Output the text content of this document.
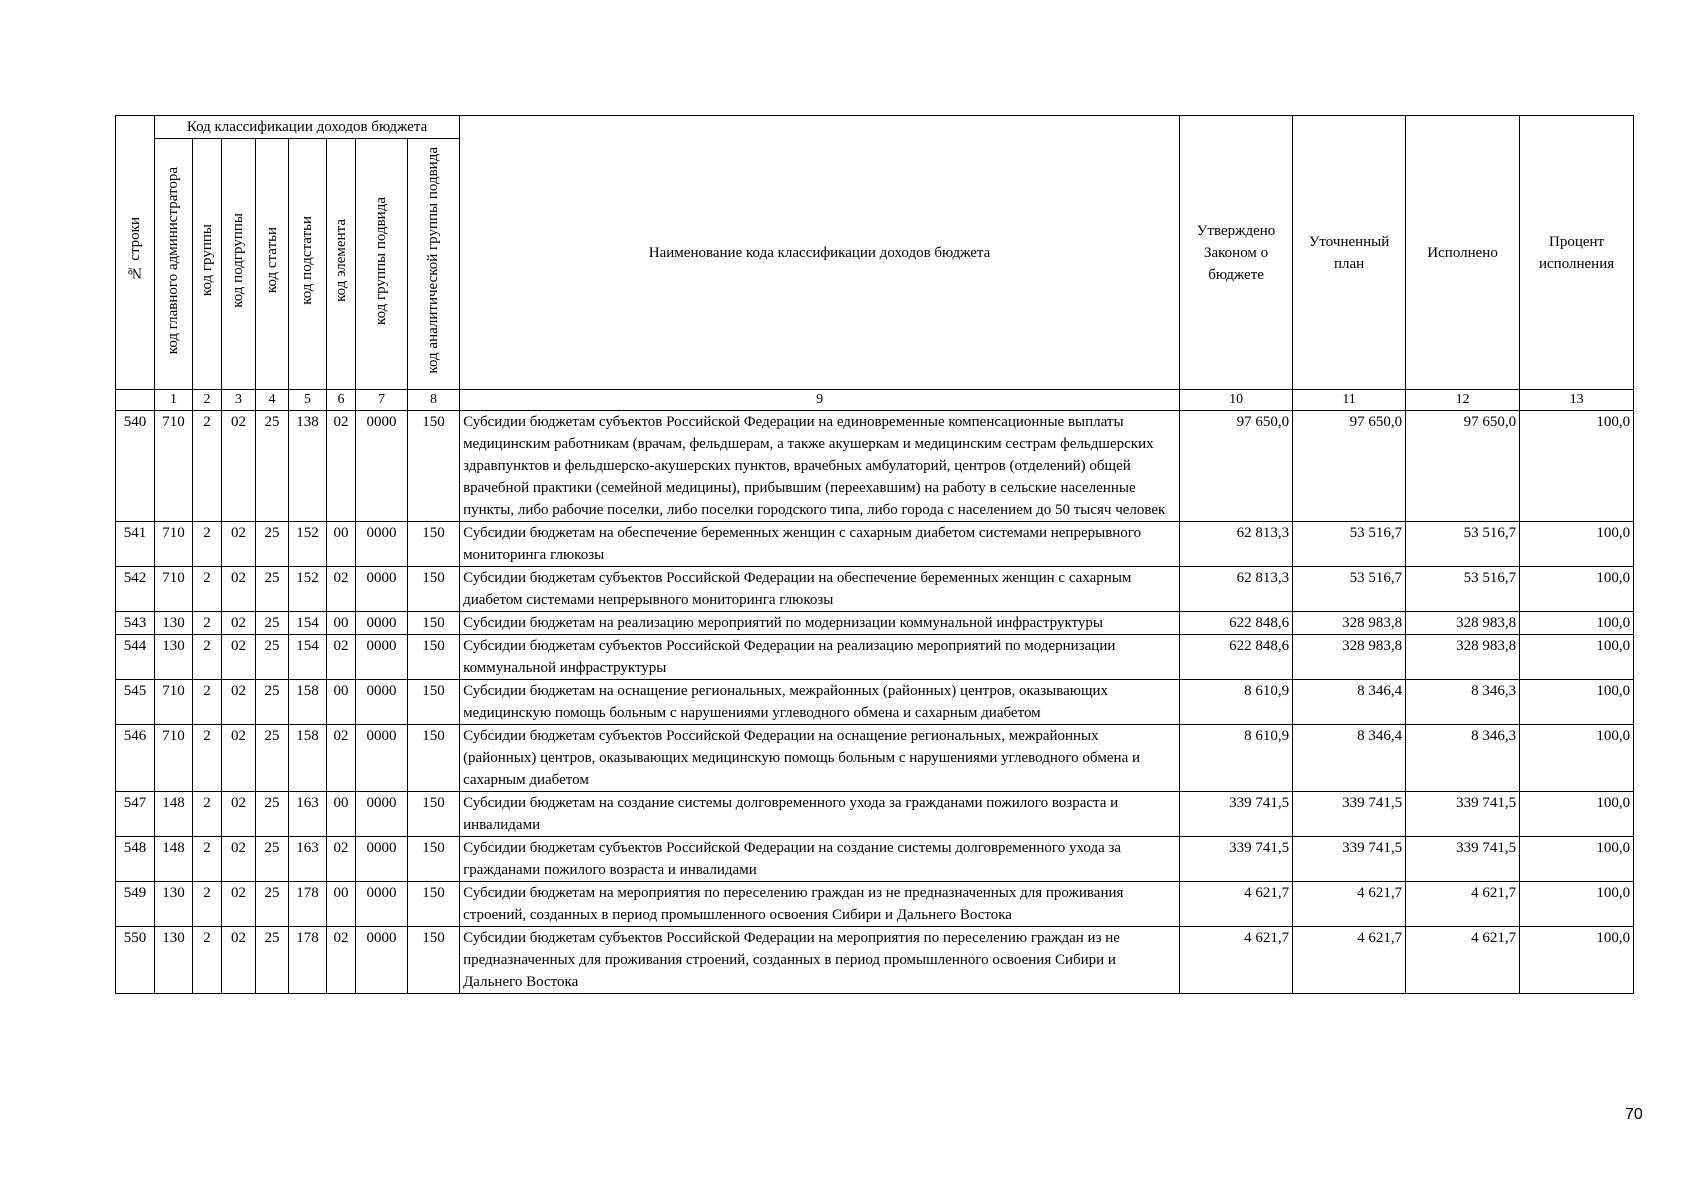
№ строки	Код классификации доходов бюджета								Наименование кода классификации доходов бюджета	Утверждено Законом о бюджете	Уточненный план	Исполнено	Процент исполнения
	код главного администратора	код группы	код подгруппы	код статьи	код подстатьи	код элемента	код группы подвида	код аналитической группы подвида					
	1	2	3	4	5	6	7	8	9	10	11	12	13
540	710	2	02	25	138	02	0000	150	Субсидии бюджетам субъектов Российской Федерации на единовременные компенсационные выплаты медицинским работникам (врачам, фельдшерам, а также акушеркам и медицинским сестрам фельдшерских здравпунктов и фельдшерско-акушерских пунктов, врачебных амбулаторий, центров (отделений) общей врачебной практики (семейной медицины), прибывшим (переехавшим) на работу в сельские населенные пункты, либо рабочие поселки, либо поселки городского типа, либо города с населением до 50 тысяч человек	97 650,0	97 650,0	97 650,0	100,0
541	710	2	02	25	152	00	0000	150	Субсидии бюджетам на обеспечение беременных женщин с сахарным диабетом системами непрерывного мониторинга глюкозы	62 813,3	53 516,7	53 516,7	100,0
542	710	2	02	25	152	02	0000	150	Субсидии бюджетам субъектов Российской Федерации на обеспечение беременных женщин с сахарным диабетом системами непрерывного мониторинга глюкозы	62 813,3	53 516,7	53 516,7	100,0
543	130	2	02	25	154	00	0000	150	Субсидии бюджетам на реализацию мероприятий по модернизации коммунальной инфраструктуры	622 848,6	328 983,8	328 983,8	100,0
544	130	2	02	25	154	02	0000	150	Субсидии бюджетам субъектов Российской Федерации на реализацию мероприятий по модернизации коммунальной инфраструктуры	622 848,6	328 983,8	328 983,8	100,0
545	710	2	02	25	158	00	0000	150	Субсидии бюджетам на оснащение региональных, межрайонных (районных) центров, оказывающих медицинскую помощь больным с нарушениями углеводного обмена и сахарным диабетом	8 610,9	8 346,4	8 346,3	100,0
546	710	2	02	25	158	02	0000	150	Субсидии бюджетам субъектов Российской Федерации на оснащение региональных, межрайонных (районных) центров, оказывающих медицинскую помощь больным с нарушениями углеводного обмена и сахарным диабетом	8 610,9	8 346,4	8 346,3	100,0
547	148	2	02	25	163	00	0000	150	Субсидии бюджетам на создание системы долговременного ухода за гражданами пожилого возраста и инвалидами	339 741,5	339 741,5	339 741,5	100,0
548	148	2	02	25	163	02	0000	150	Субсидии бюджетам субъектов Российской Федерации на создание системы долговременного ухода за гражданами пожилого возраста и инвалидами	339 741,5	339 741,5	339 741,5	100,0
549	130	2	02	25	178	00	0000	150	Субсидии бюджетам на мероприятия по переселению граждан из не предназначенных для проживания строений, созданных в период промышленного освоения Сибири и Дальнего Востока	4 621,7	4 621,7	4 621,7	100,0
550	130	2	02	25	178	02	0000	150	Субсидии бюджетам субъектов Российской Федерации на мероприятия по переселению граждан из не предназначенных для проживания строений, созданных в период промышленного освоения Сибири и Дальнего Востока	4 621,7	4 621,7	4 621,7	100,0
70
